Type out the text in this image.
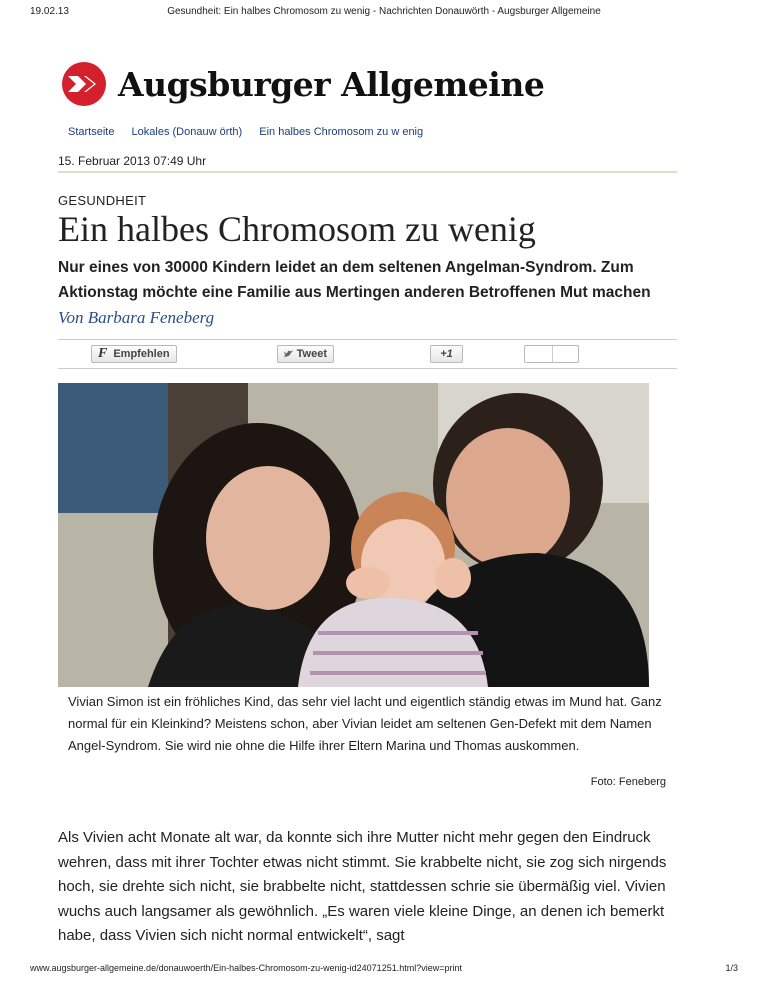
19.02.13	Gesundheit: Ein halbes Chromosom zu wenig - Nachrichten Donauwörth - Augsburger Allgemeine
Augsburger Allgemeine
Startseite Lokales (Donauw örth) Ein halbes Chromosom zu w enig
15. Februar 2013 07:49 Uhr
GESUNDHEIT
Ein halbes Chromosom zu wenig
Nur eines von 30000 Kindern leidet an dem seltenen Angelman-Syndrom. Zum Aktionstag möchte eine Familie aus Mertingen anderen Betroffenen Mut machen Von Barbara Feneberg
F Empfehlen	Tweet	+1
Vivian Simon ist ein fröhliches Kind, das sehr viel lacht und eigentlich ständig etwas im Mund hat. Ganz normal für ein Kleinkind? Meistens schon, aber Vivian leidet am seltenen Gen-Defekt mit dem Namen Angel-Syndrom. Sie wird nie ohne die Hilfe ihrer Eltern Marina und Thomas auskommen.
Foto: Feneberg
Als Vivien acht Monate alt war, da konnte sich ihre Mutter nicht mehr gegen den Eindruck wehren, dass mit ihrer Tochter etwas nicht stimmt. Sie krabbelte nicht, sie zog sich nirgends hoch, sie drehte sich nicht, sie brabbelte nicht, stattdessen schrie sie übermäßig viel. Vivien wuchs auch langsamer als gewöhnlich. „Es waren viele kleine Dinge, an denen ich bemerkt habe, dass Vivien sich nicht normal entwickelt“, sagt
www.augsburger-allgemeine.de/donauwoerth/Ein-halbes-Chromosom-zu-wenig-id24071251.html?view=print	1/3
